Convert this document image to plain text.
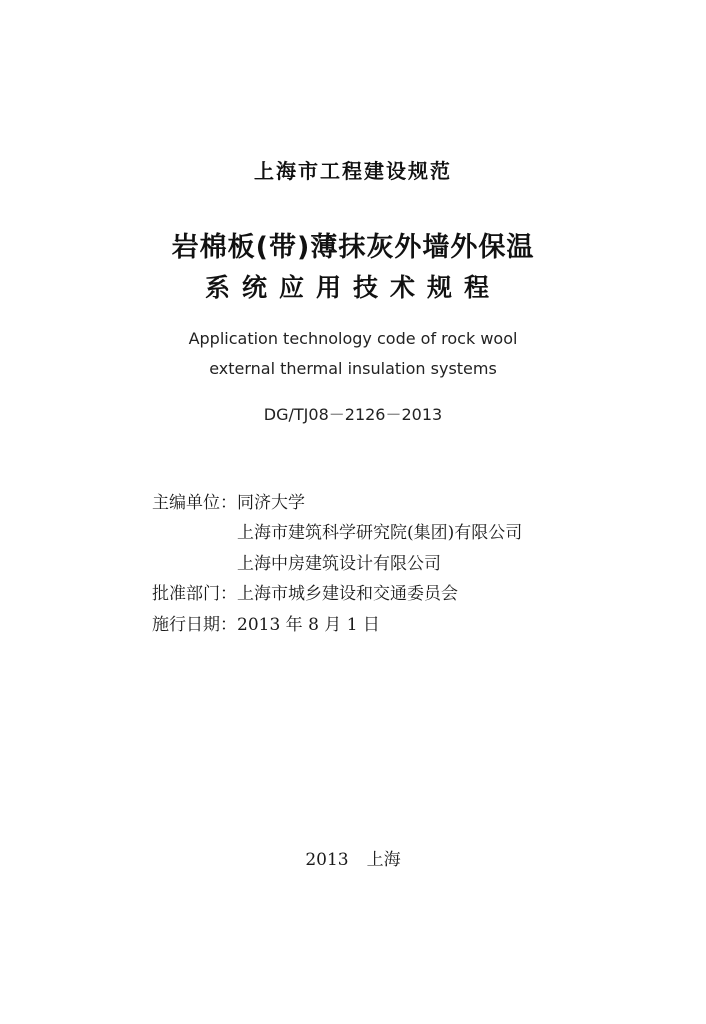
上海市工程建设规范
岩棉板(带)薄抹灰外墙外保温
系统应用技术规程
Application technology code of rock wool
external thermal insulation systems
DG/TJ08－2126－2013
主编单位：同济大学
上海市建筑科学研究院(集团)有限公司
上海中房建筑设计有限公司
批准部门：上海市城乡建设和交通委员会
施行日期：2013 年 8 月 1 日
2013 上海
